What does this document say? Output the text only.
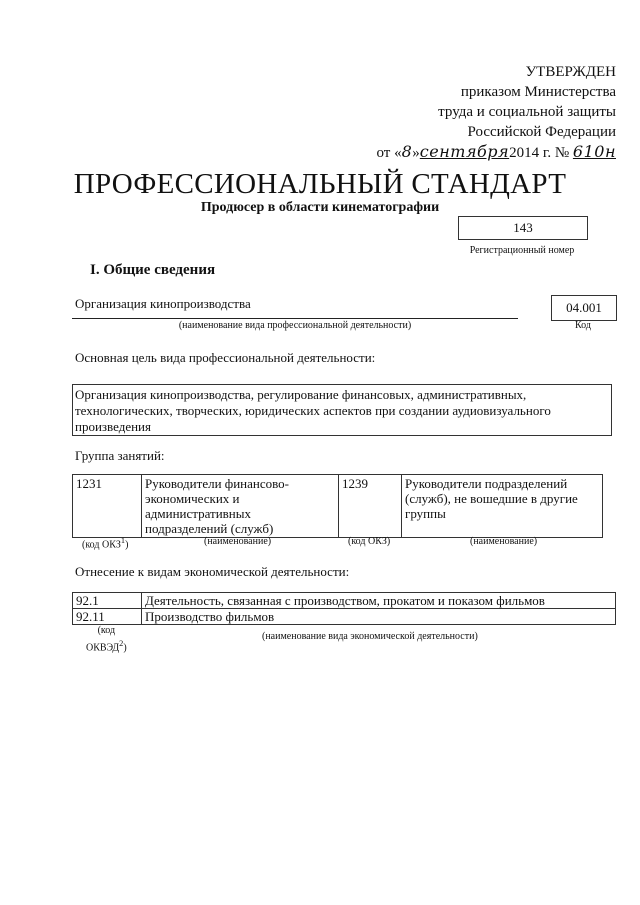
УТВЕРЖДЕН
приказом Министерства
труда и социальной защиты
Российской Федерации
от «8»сентября2014 г. № 610н
ПРОФЕССИОНАЛЬНЫЙ СТАНДАРТ
Продюсер в области кинематографии
143
Регистрационный номер
I. Общие сведения
Организация кинопроизводства
(наименование вида профессиональной деятельности)
04.001
Код
Основная цель вида профессиональной деятельности:
Организация кинопроизводства, регулирование финансовых, административных, технологических, творческих, юридических аспектов при создании аудиовизуального произведения
Группа занятий:
1231	Руководители финансово-экономических и административных подразделений (служб)	1239	Руководители подразделений (служб), не вошедшие в другие группы
(код ОКЗ$^1$)	(наименование)	(код ОКЗ)	(наименование)
Отнесение к видам экономической деятельности:
92.1	Деятельность, связанная с производством, прокатом и показом фильмов
92.11	Производство фильмов
(код
ОКВЭД$^2$)
(наименование вида экономической деятельности)
